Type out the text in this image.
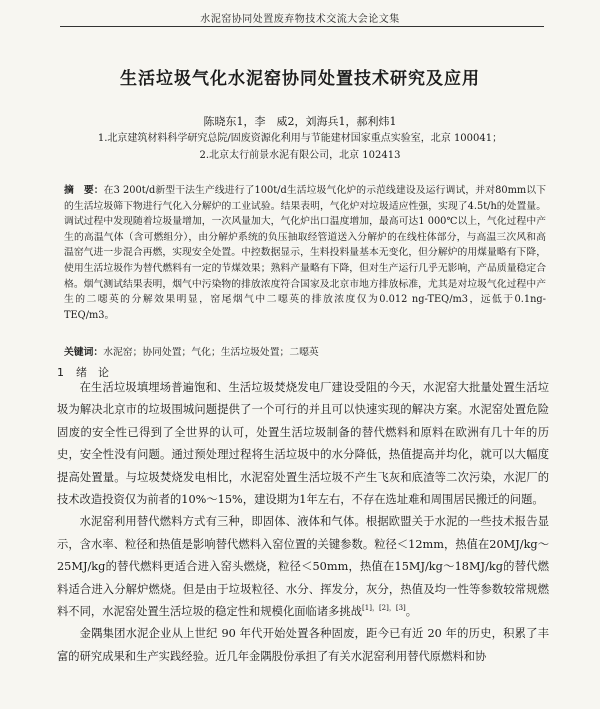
水泥窑协同处置废弃物技术交流大会论文集
生活垃圾气化水泥窑协同处置技术研究及应用
陈晓东1，李　威2，刘海兵1，郝利炜1
1.北京建筑材料科学研究总院/固废资源化利用与节能建材国家重点实验室，北京 100041；
2.北京太行前景水泥有限公司，北京 102413

摘　要：在3 200t/d新型干法生产线进行了100t/d生活垃圾气化炉的示范线建设及运行调试，并对80mm以下的生活垃圾筛下物进行气化入分解炉的工业试验。结果表明，气化炉对垃圾适应性强，实现了4.5t/h的处置量。调试过程中发现随着垃圾量增加，一次风量加大，气化炉出口温度增加，最高可达1 000℃以上，气化过程中产生的高温气体（含可燃组分），由分解炉系统的负压抽取经管道送入分解炉的在线柱体部分，与高温三次风和高温窑气进一步混合再燃，实现安全处置。中控数据显示，生料投料量基本无变化，但分解炉的用煤量略有下降，使用生活垃圾作为替代燃料有一定的节煤效果；熟料产量略有下降，但对生产运行几乎无影响，产品质量稳定合格。烟气测试结果表明，烟气中污染物的排放浓度符合国家及北京市地方排放标准，尤其是对垃圾气化过程中产生的二噁英的分解效果明显，窑尾烟气中二噁英的排放浓度仅为0.012 ng-TEQ/m3，远低于0.1ng-TEQ/m3。

关键词：水泥窑；协同处置；气化；生活垃圾处置；二噁英

1 绪　论

在生活垃圾填埋场普遍饱和、生活垃圾焚烧发电厂建设受阻的今天，水泥窑大批量处置生活垃圾为解决北京市的垃圾围城问题提供了一个可行的并且可以快速实现的解决方案。水泥窑处置危险固废的安全性已得到了全世界的认可，处置生活垃圾制备的替代燃料和原料在欧洲有几十年的历史，安全性没有问题。通过预处理过程将生活垃圾中的水分降低，热值提高并均化，就可以大幅度提高处置量。与垃圾焚烧发电相比，水泥窑处置生活垃圾不产生飞灰和底渣等二次污染，水泥厂的技术改造投资仅为前者的10%～15%，建设期为1年左右，不存在选址难和周围居民搬迁的问题。

水泥窑利用替代燃料方式有三种，即固体、液体和气体。根据欧盟关于水泥的一些技术报告显示，含水率、粒径和热值是影响替代燃料入窑位置的关键参数。粒径＜12mm，热值在20MJ/kg～25MJ/kg的替代燃料更适合进入窑头燃烧，粒径＜50mm，热值在15MJ/kg～18MJ/kg的替代燃料适合进入分解炉燃烧。但是由于垃圾粒径、水分、挥发分，灰分，热值及均一性等参数较常规燃料不同，水泥窑处置生活垃圾的稳定性和规模化面临诸多挑战[1]，[2]，[3]。

金隅集团水泥企业从上世纪 90 年代开始处置各种固废，距今已有近 20 年的历史，积累了丰富的研究成果和生产实践经验。近几年金隅股份承担了有关水泥窑利用替代原燃料和协
